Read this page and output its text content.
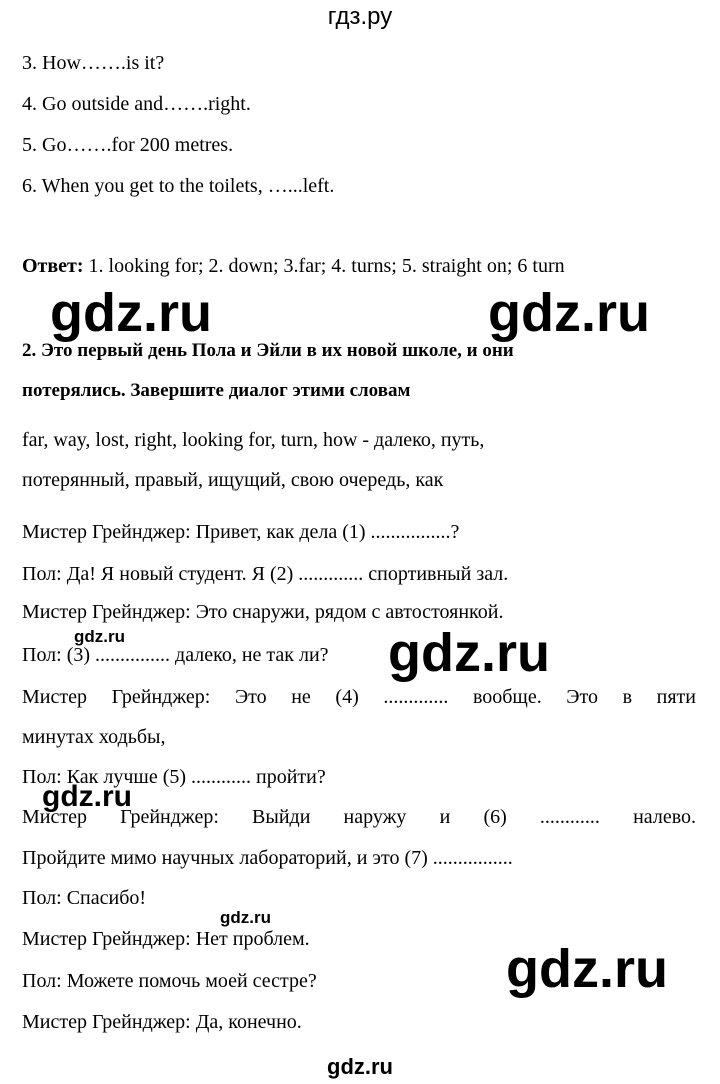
гдз.ру

3. How…….is it?

4. Go outside and…….right.

5. Go…….for 200 metres.

6. When you get to the toilets, …...left.

Ответ: 1. looking for; 2. down; 3.far; 4. turns; 5. straight on; 6 turn

gdz.ru	gdz.ru

2. Это первый день Пола и Эйли в их новой школе, и они

потерялись. Завершите диалог этими словам

far, way, lost, right, looking for, turn, how - далеко, путь,

потерянный, правый, ищущий, свою очередь, как

Мистер Грейнджер: Привет, как дела (1) ................?

Пол: Да! Я новый студент. Я (2) ............. спортивный зал.

Мистер Грейнджер: Это снаружи, рядом с автостоянкой.

gdz.ru

Пол: (3) ............... далеко, не так ли? gdz.ru

Мистер Грейнджер: Это не (4) ............. вообще. Это в пяти

минутах ходьбы,

Пол: Как лучше (5) ............ пройти?

gdz.ru

Мистер Грейнджер: Выйди наружу и (6) ............ налево.

Пройдите мимо научных лабораторий, и это (7) ................

Пол: Спасибо!

gdz.ru

Мистер Грейнджер: Нет проблем.	gdz.ru

Пол: Можете помочь моей сестре?

Мистер Грейнджер: Да, конечно.

gdz.ru
